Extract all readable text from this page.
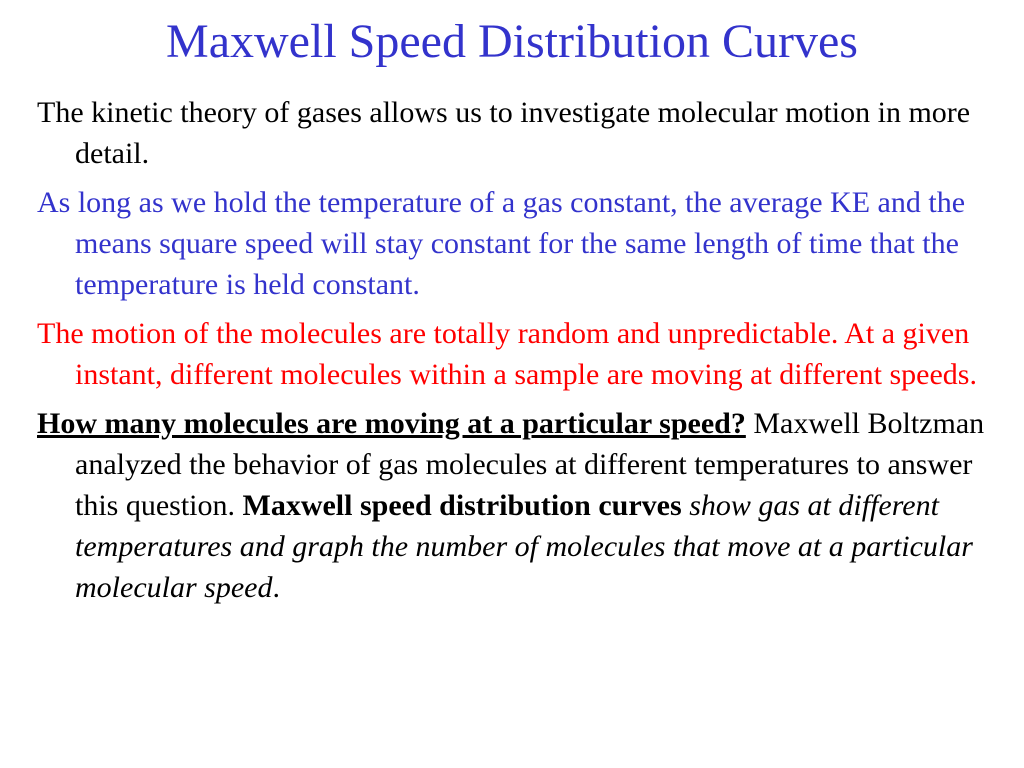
Maxwell Speed Distribution Curves

The kinetic theory of gases allows us to investigate molecular motion in more detail.

As long as we hold the temperature of a gas constant, the average KE and the means square speed will stay constant for the same length of time that the temperature is held constant.

The motion of the molecules are totally random and unpredictable. At a given instant, different molecules within a sample are moving at different speeds.

How many molecules are moving at a particular speed? Maxwell Boltzman analyzed the behavior of gas molecules at different temperatures to answer this question. Maxwell speed distribution curves show gas at different temperatures and graph the number of molecules that move at a particular molecular speed.
